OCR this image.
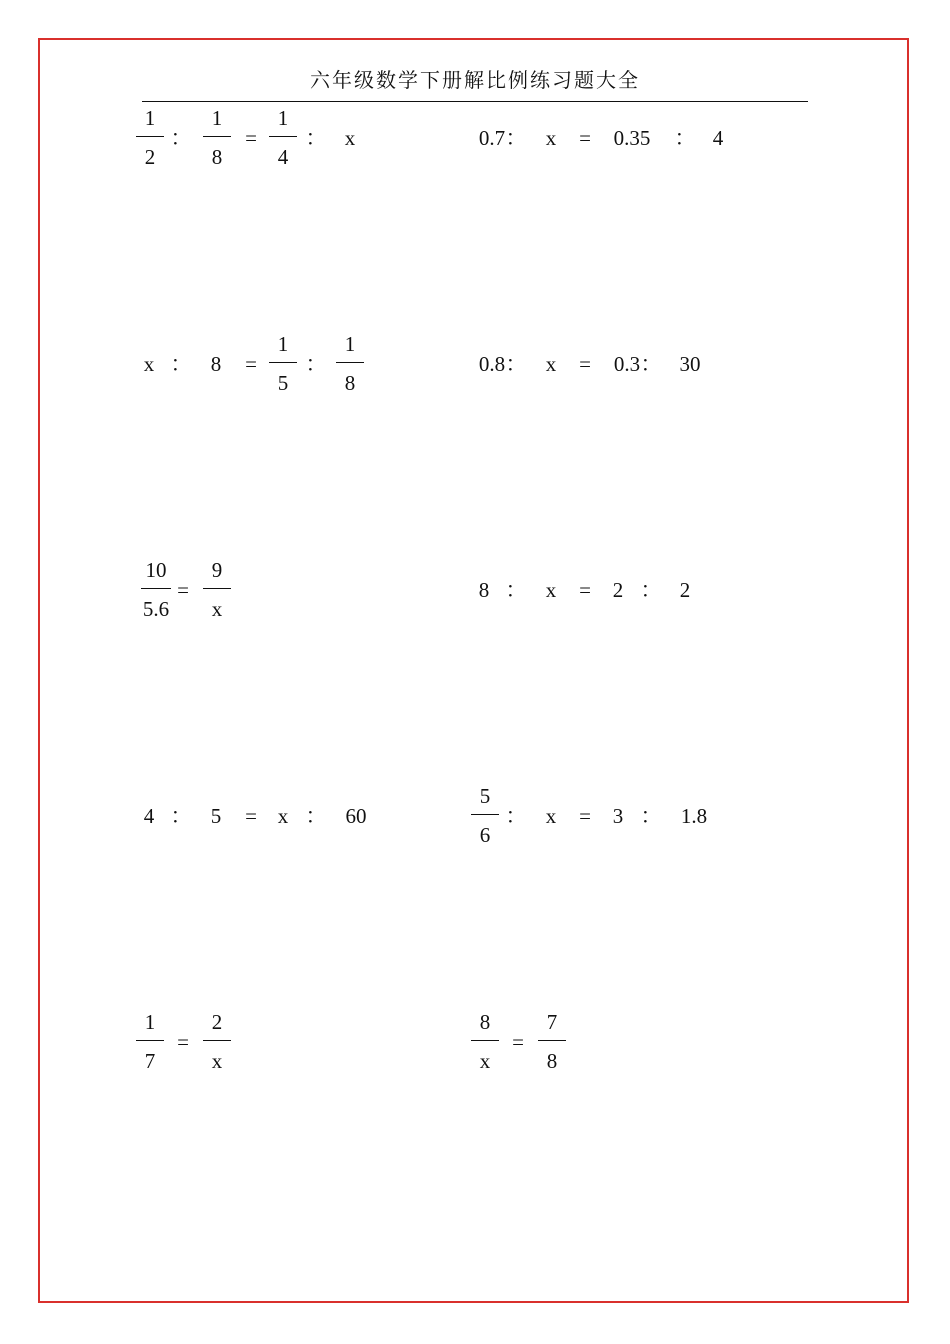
六年级数学下册解比例练习题大全
1
2
：
1
8
=
1
4
： x	0.7 ： x = 0.35 ： 4
x ： 8 =
1
5
：
1
8
0.8 ： x = 0.3 ： 30
10
5.6
=
9
x
8 ： x = 2 ： 2
4 ： 5 = x ： 60
5
6
： x = 3 ： 1.8
1
7
=
2
x
8
x
=
7
8
